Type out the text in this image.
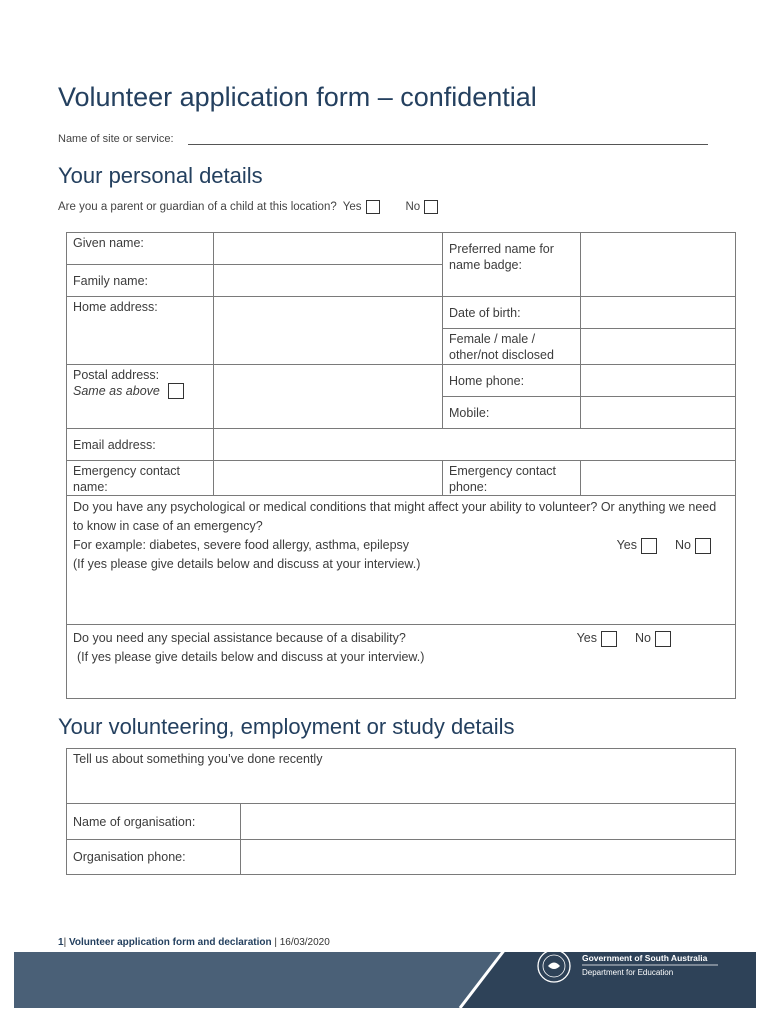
Volunteer application form – confidential
Name of site or service:
Your personal details
Are you a parent or guardian of a child at this location? Yes	No
Given name:		Preferred name for name badge:	
Family name:			
Home address:		Date of birth:	
		Female / male / other/not disclosed	

Postal address:
Same as above		Home phone:	
		Mobile:	
Email address:			
Emergency contact name:		Emergency contact phone:	

Do you have any psychological or medical conditions that might affect your ability to volunteer? Or anything we need to know in case of an emergency?
For example: diabetes, severe food allergy, asthma, epilepsy Yes No
(If yes please give details below and discuss at your interview.)			

Do you need any special assistance because of a disability? Yes No
(If yes please give details below and discuss at your interview.)			
Your volunteering, employment or study details
Tell us about something you’ve done recently	
Name of organisation:	
Organisation phone:	
1| Volunteer application form and declaration | 16/03/2020
Government of South Australia
Department for Education
